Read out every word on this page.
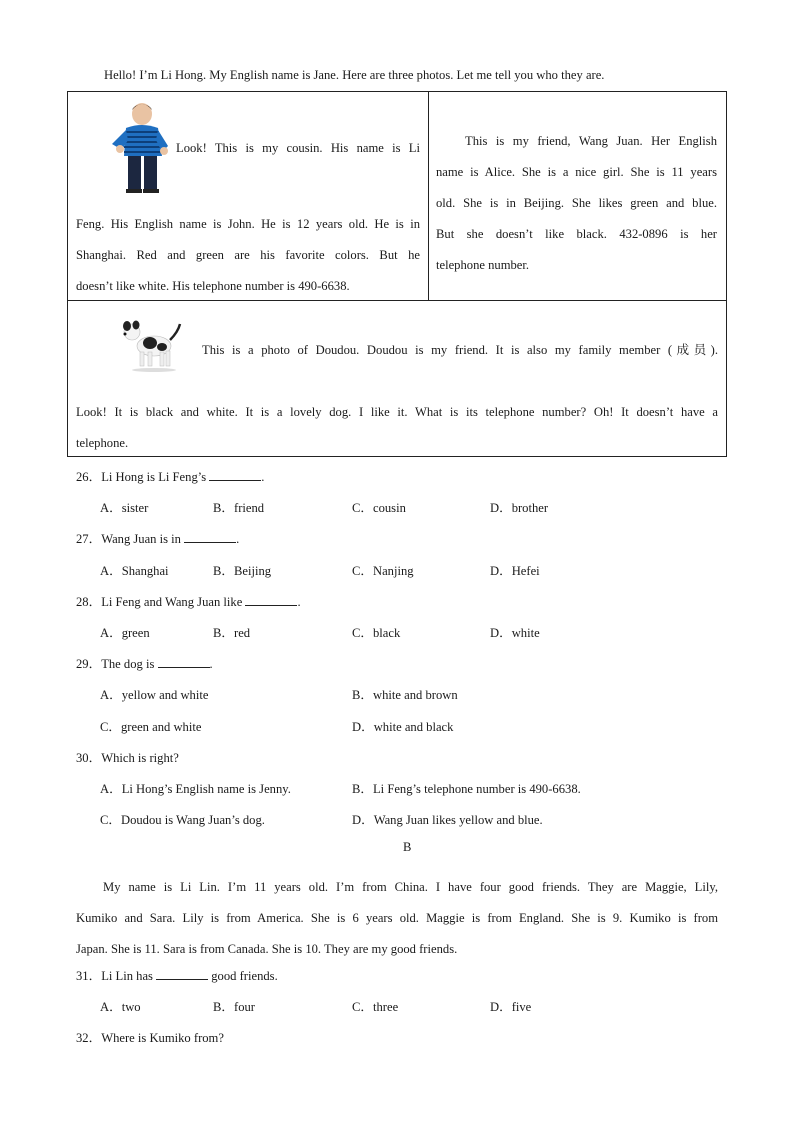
Hello! I’m Li Hong. My English name is Jane. Here are three photos. Let me tell you who they are.
Look! This is my cousin. His name is Li
Feng. His English name is John. He is 12 years old. He is in
Shanghai. Red and green are his favorite colors. But he
doesn’t like white. His telephone number is 490-6638.
This is my friend, Wang Juan. Her English
name is Alice. She is a nice girl. She is 11 years
old. She is in Beijing. She likes green and blue.
But she doesn’t like black. 432-0896 is her
telephone number.
This is a photo of Doudou. Doudou is my friend. It is also my family member (成员).
Look! It is black and white. It is a lovely dog. I like it. What is its telephone number? Oh! It doesn’t have a
telephone.
26．Li Hong is Li Feng’s	.
A．sister	B．friend	C．cousin	D．brother
27．Wang Juan is in	.
A．Shanghai	B．Beijing	C．Nanjing	D．Hefei
28．Li Feng and Wang Juan like	.
A．green	B．red	C．black	D．white
29．The dog is	.
A．yellow and white	B．white and brown
C．green and white	D．white and black
30．Which is right?
A．Li Hong’s English name is Jenny.	B．Li Feng’s telephone number is 490-6638.
C．Doudou is Wang Juan’s dog.	D．Wang Juan likes yellow and blue.
B
My name is Li Lin. I’m 11 years old. I’m from China. I have four good friends. They are Maggie, Lily,
Kumiko and Sara. Lily is from America. She is 6 years old. Maggie is from England. She is 9. Kumiko is from
Japan. She is 11. Sara is from Canada. She is 10. They are my good friends.
31．Li Lin has	good friends.
A．two	B．four	C．three	D．five
32．Where is Kumiko from?
